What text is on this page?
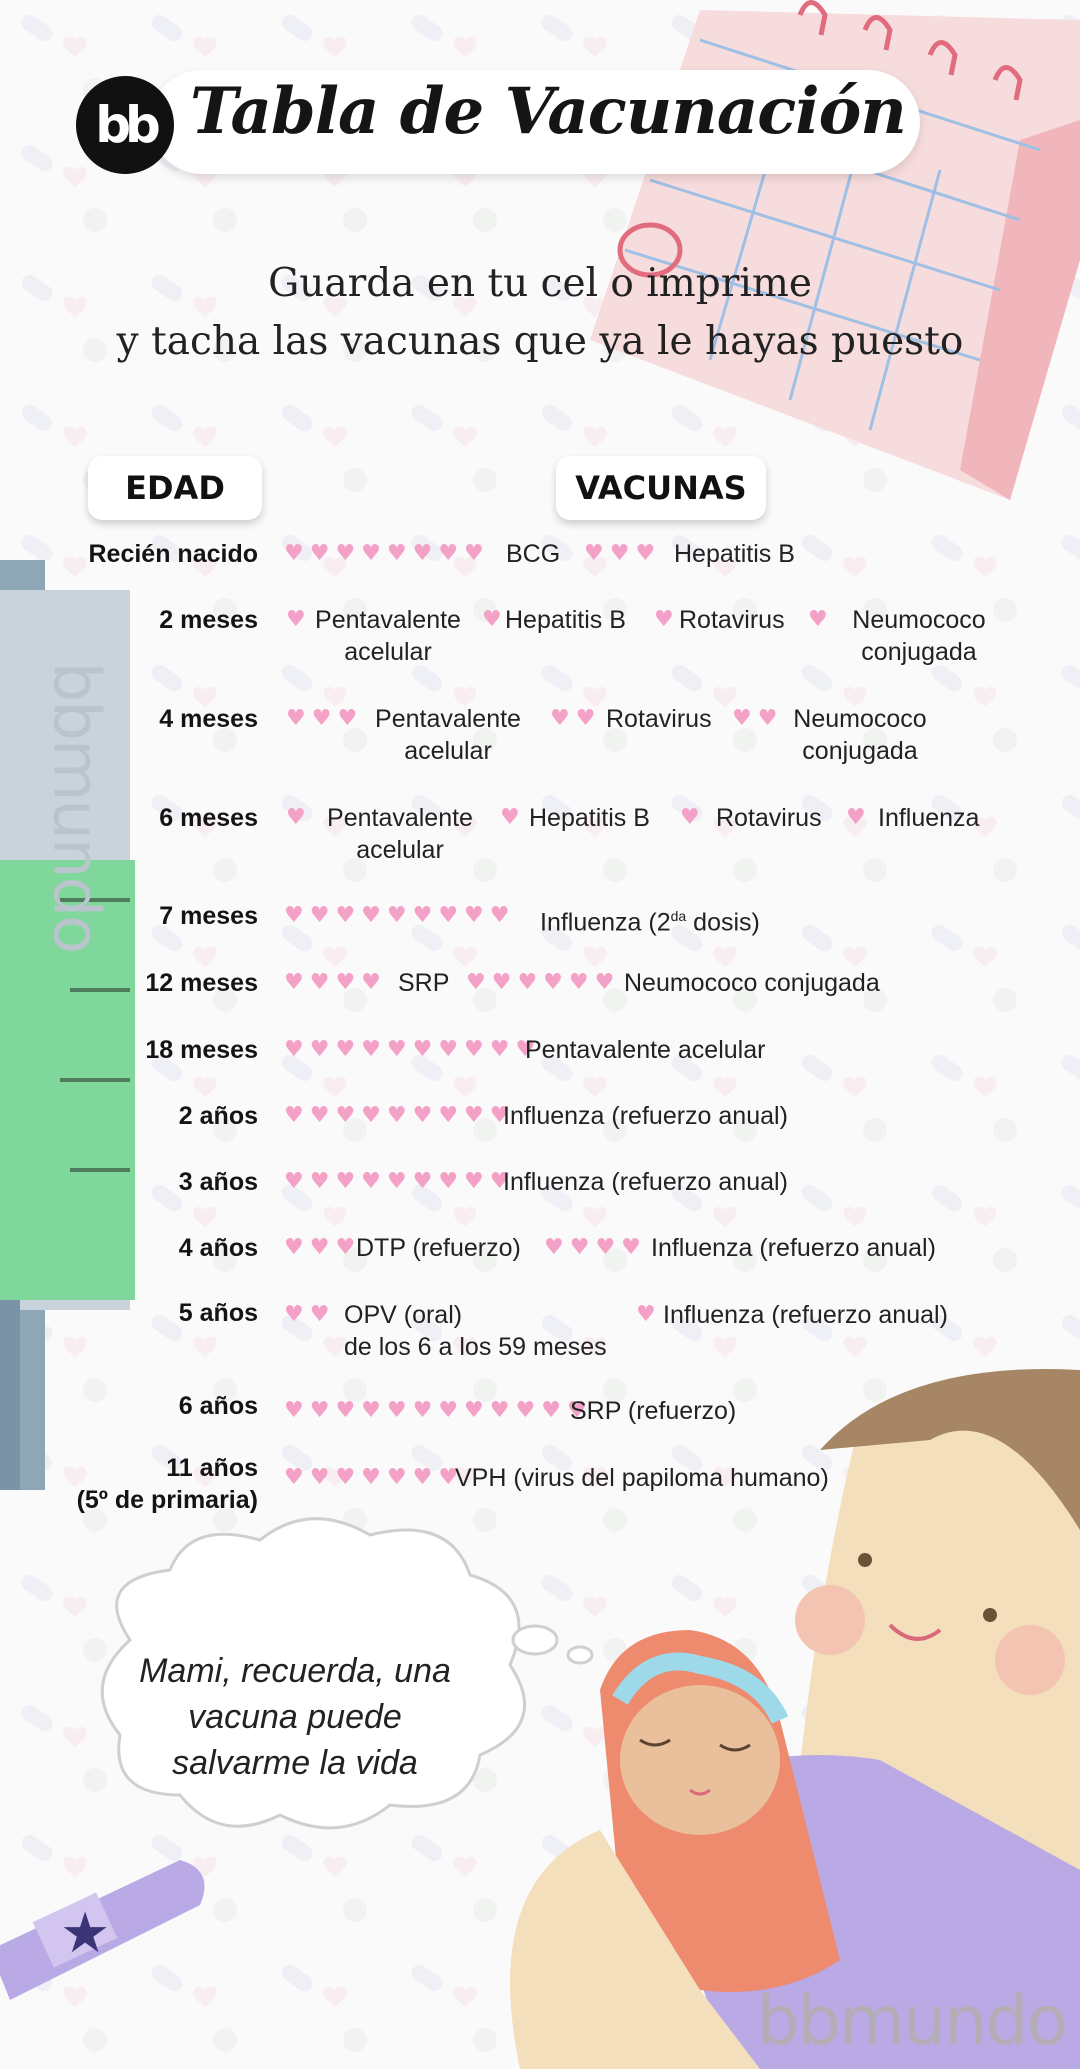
bb Tabla de Vacunación
Guarda en tu cel o imprime
y tacha las vacunas que ya le hayas puesto
EDAD	VACUNAS
Recién nacido ♥♥♥♥♥♥♥♥ BCG ♥♥♥ Hepatitis B
2 meses ♥ Pentavalente
acelular
♥
Hepatitis B ♥ Rotavirus ♥ Neumococo
conjugada
4 meses ♥♥♥ Pentavalente
acelular
♥♥ Rotavirus ♥♥ Neumococo
conjugada
6 meses ♥ Pentavalente
acelular
♥ Hepatitis B ♥ Rotavirus ♥ Influenza
7 meses ♥♥♥♥♥♥♥♥♥ Influenza ($2^{da}$ dosis)
12 meses ♥♥♥♥ SRP ♥♥♥♥♥♥ Neumococo conjugada
18 meses ♥♥♥♥♥♥♥♥♥♥
Pentavalente acelular
2 años ♥♥♥♥♥♥♥♥♥
Influenza (refuerzo anual)
3 años ♥♥♥♥♥♥♥♥♥
Influenza (refuerzo anual)
4 años ♥♥♥
DTP (refuerzo) ♥♥♥♥ Influenza (refuerzo anual)
5 años ♥♥ OPV (oral)
de los 6 a los 59 meses
♥ Influenza (refuerzo anual)
6 años ♥♥♥♥♥♥♥♥♥♥♥♥
SRP (refuerzo)
11 años
(5º de primaria)
♥♥♥♥♥♥♥
VPH (virus del papiloma humano)
Mami, recuerda, una
vacuna puede
salvarme la vida
★
bbmundo
bbmundo
